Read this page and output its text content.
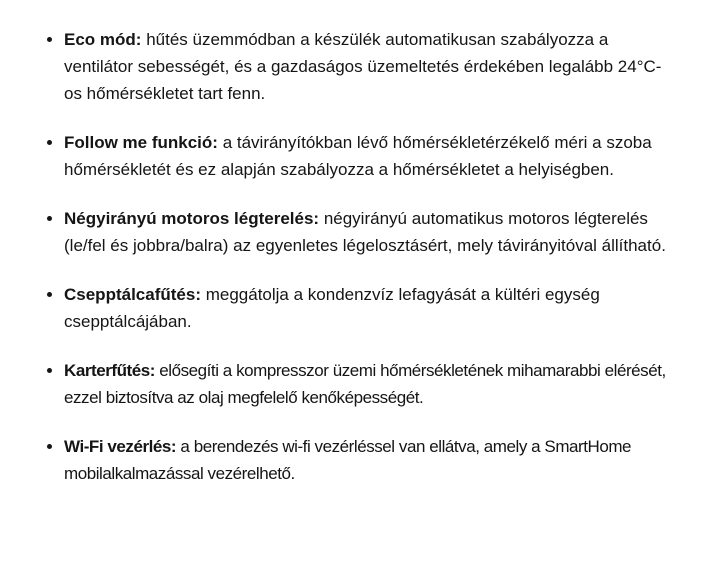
Eco mód: hűtés üzemmódban a készülék automatikusan szabályozza a ventilátor sebességét, és a gazdaságos üzemeltetés érdekében legalább 24°C-os hőmérsékletet tart fenn.
Follow me funkció: a távirányítókban lévő hőmérsékletérzékelő méri a szoba hőmérsékletét és ez alapján szabályozza a hőmérsékletet a helyiségben.
Négyirányú motoros légterelés: négyirányú automatikus motoros légterelés (le/fel és jobbra/balra) az egyenletes légelosztásért, mely távirányitóval állítható.
Csepptálcafűtés: meggátolja a kondenzvíz lefagyását a kültéri egység csepptálcájában.
Karterfűtés: elősegíti a kompresszor üzemi hőmérsékletének mihamarabbi elérését, ezzel biztosítva az olaj megfelelő kenőképességét.
Wi-Fi vezérlés: a berendezés wi-fi vezérléssel van ellátva, amely a SmartHome mobilalkalmazással vezérelhető.
